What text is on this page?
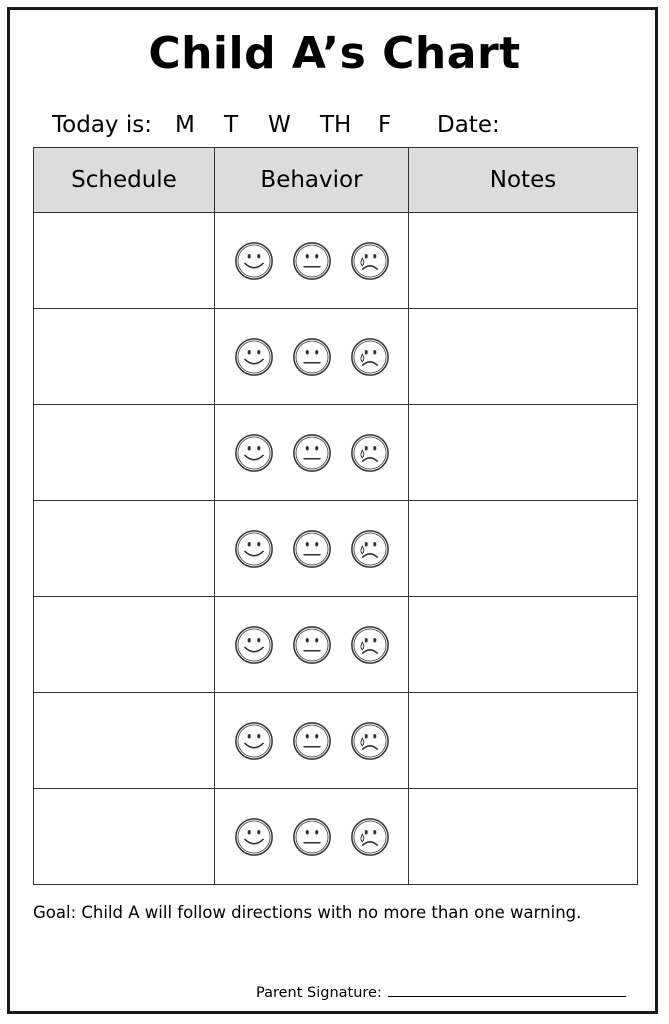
Child A’s Chart
Today is: M T W TH F Date:
Schedule	Behavior	Notes

Goal: Child A will follow directions with no more than one warning.
Parent Signature:
